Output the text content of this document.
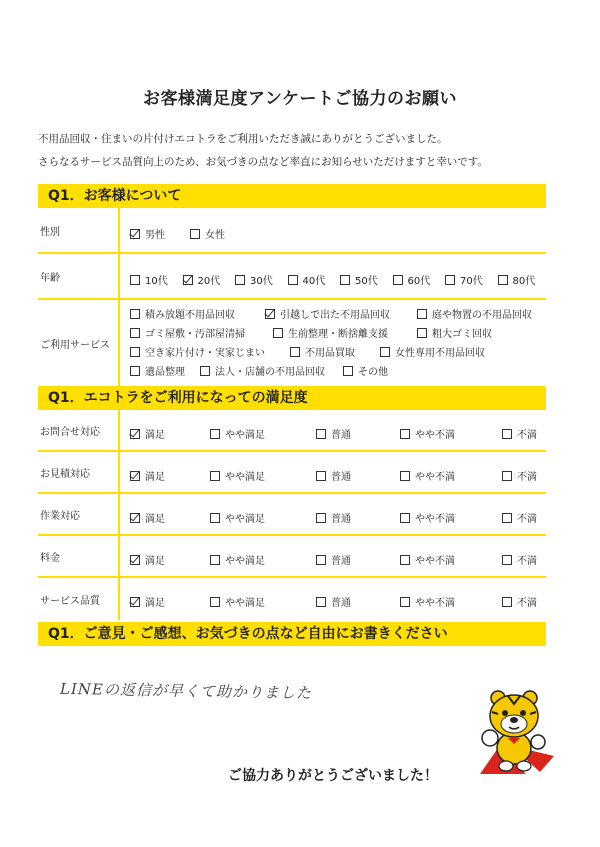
お客様満足度アンケートご協力のお願い
不用品回収・住まいの片付けエコトラをご利用いただき誠にありがとうございました。
さらなるサービス品質向上のため、お気づきの点など率直にお知らせいただけますと幸いです。
Q1．お客様について
性別	男性	女性
年齢	10代	20代	30代	40代	50代	60代	70代	80代
ご利用サービス
積み放題不用品回収	引越しで出た不用品回収	庭や物置の不用品回収
ゴミ屋敷・汚部屋清掃	生前整理・断捨離支援	粗大ゴミ回収
空き家片付け・実家じまい	不用品買取	女性専用不用品回収
遺品整理	法人・店舗の不用品回収	その他
Q1．エコトラをご利用になっての満足度
お問合せ対応	満足	やや満足	普通	やや不満	不満
お見積対応	満足	やや満足	普通	やや不満	不満
作業対応	満足	やや満足	普通	やや不満	不満
料金	満足	やや満足	普通	やや不満	不満
サービス品質	満足	やや満足	普通	やや不満	不満
Q1．ご意見・ご感想、お気づきの点など自由にお書きください
LINEの返信が早くて助かりました
ご協力ありがとうございました！
